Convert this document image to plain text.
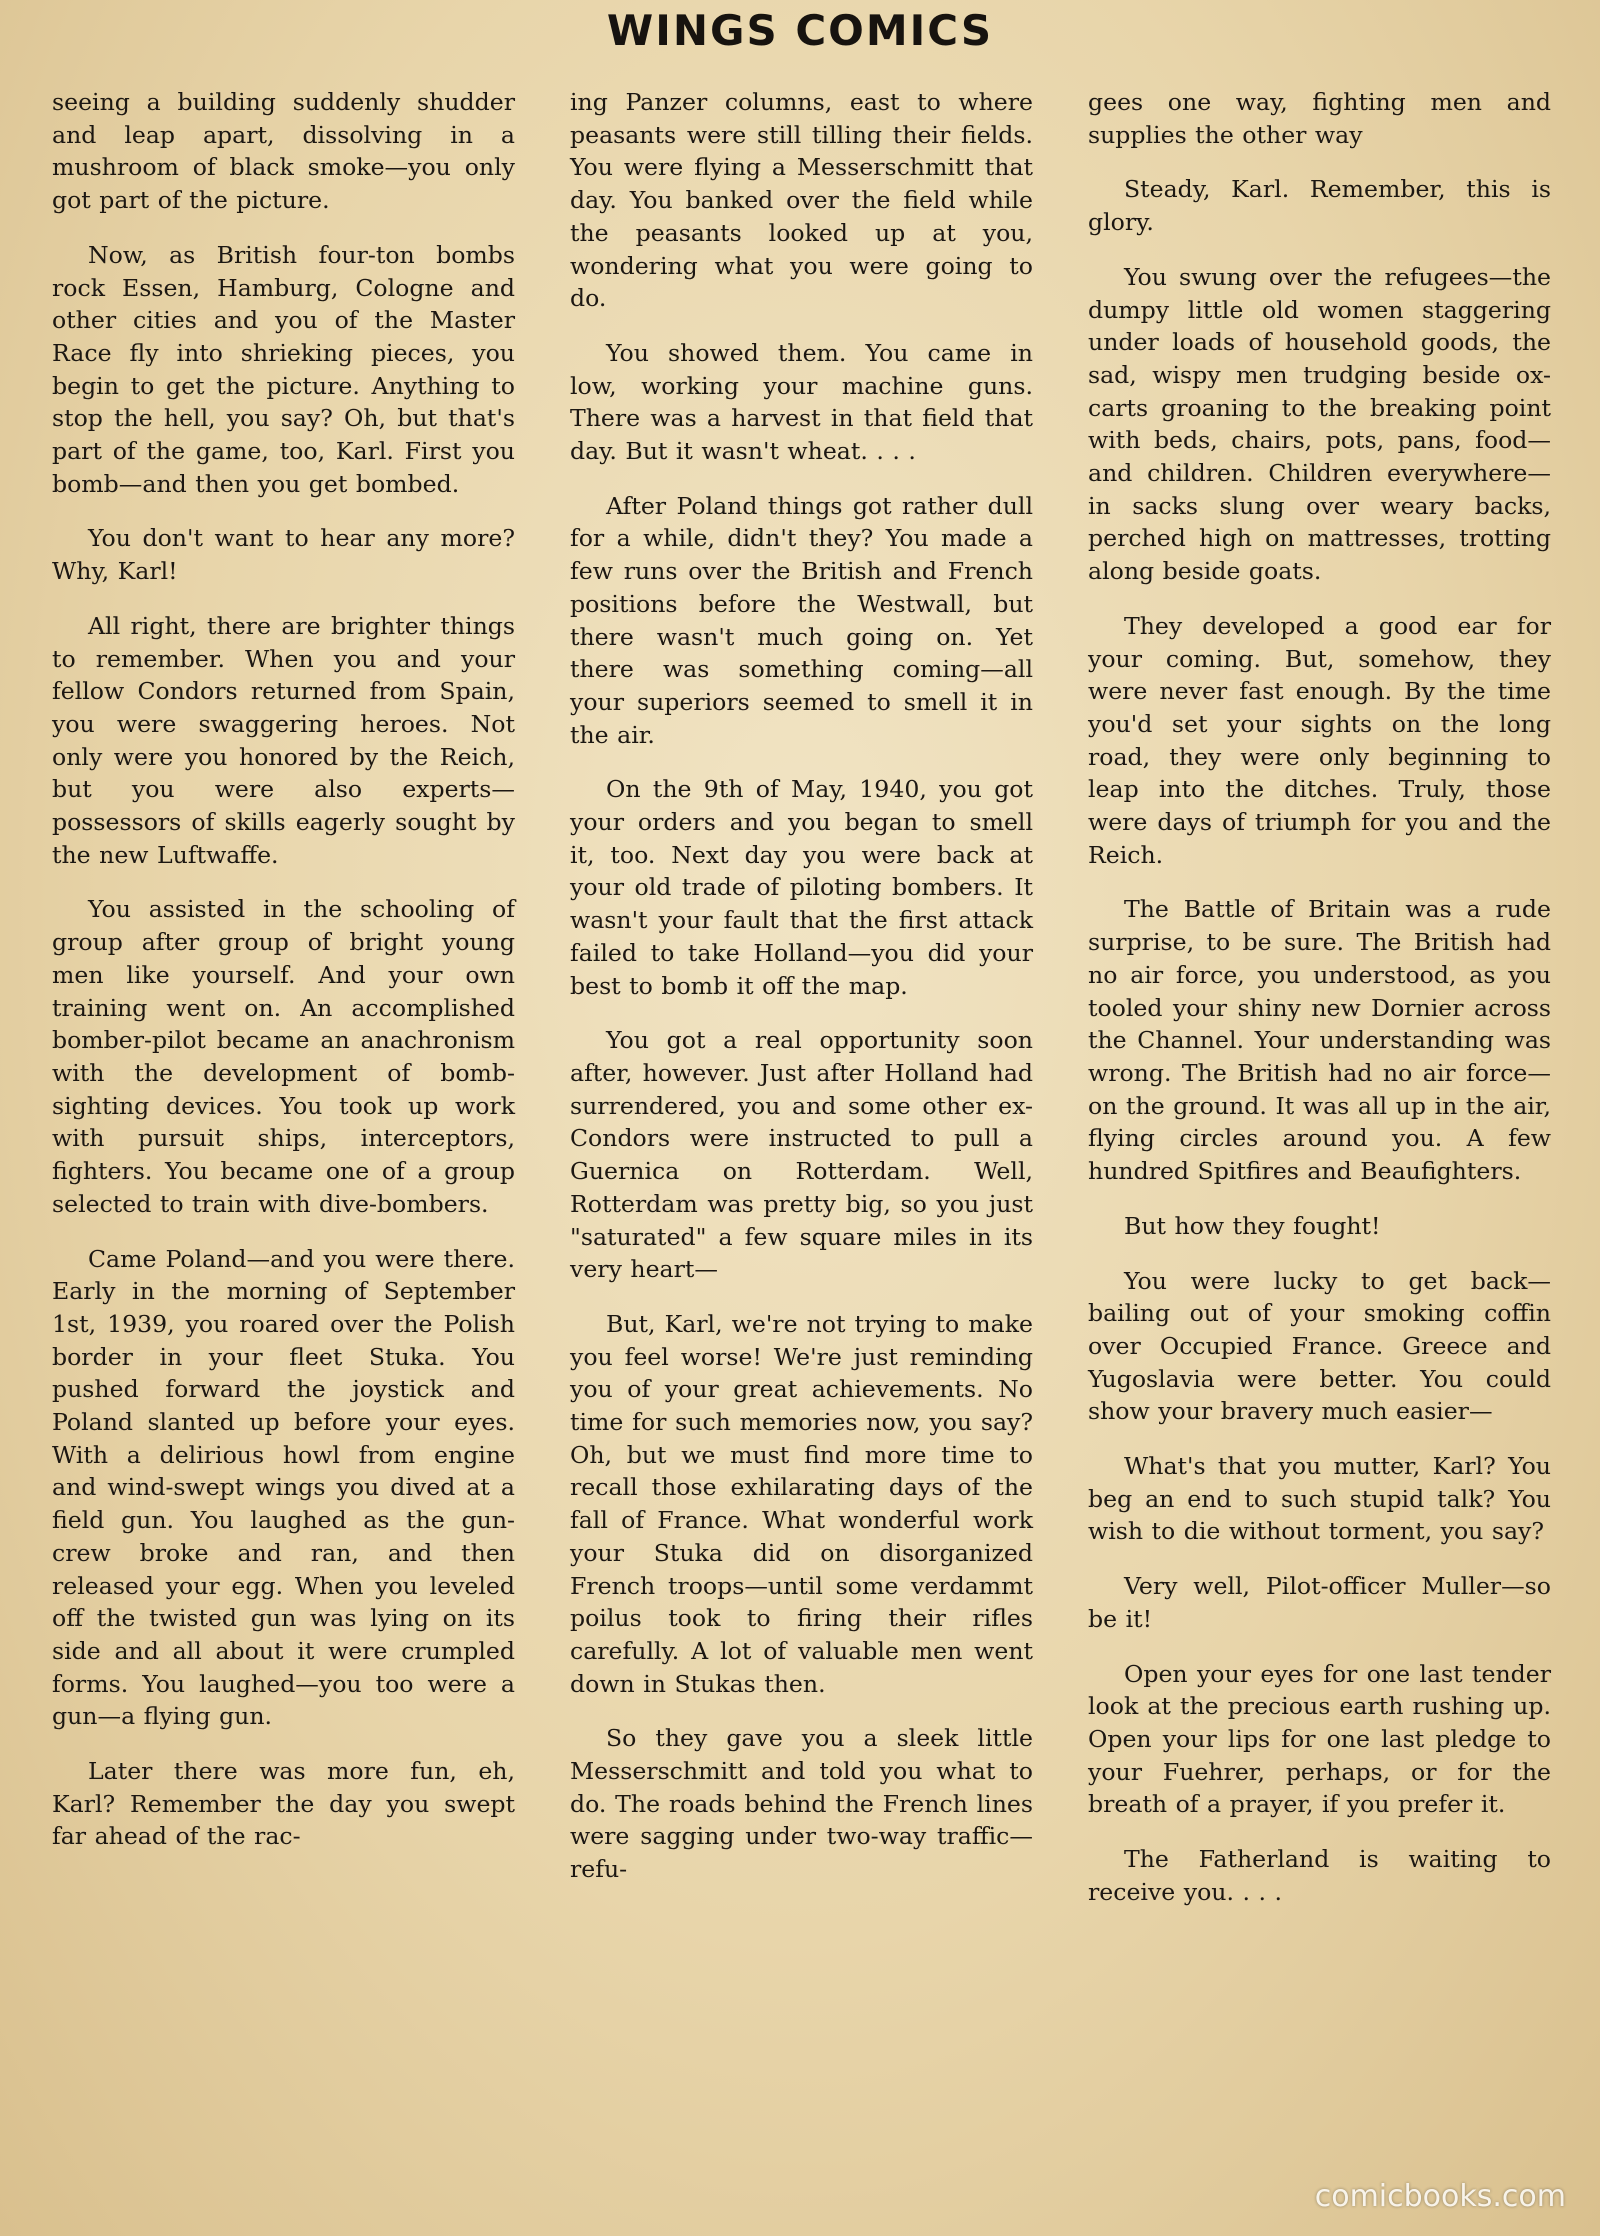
WINGS COMICS

seeing a building suddenly shudder and leap apart, dissolving in a mushroom of black smoke—you only got part of the picture.

Now, as British four-ton bombs rock Essen, Hamburg, Cologne and other cities and you of the Master Race fly into shrieking pieces, you begin to get the picture. Anything to stop the hell, you say? Oh, but that's part of the game, too, Karl. First you bomb—and then you get bombed.

You don't want to hear any more? Why, Karl!

All right, there are brighter things to remember. When you and your fellow Condors returned from Spain, you were swaggering heroes. Not only were you honored by the Reich, but you were also experts—possessors of skills eagerly sought by the new Luftwaffe.

You assisted in the schooling of group after group of bright young men like yourself. And your own training went on. An accomplished bomber-pilot became an anachronism with the development of bomb-sighting devices. You took up work with pursuit ships, interceptors, fighters. You became one of a group selected to train with dive-bombers.

Came Poland—and you were there. Early in the morning of September 1st, 1939, you roared over the Polish border in your fleet Stuka. You pushed forward the joystick and Poland slanted up before your eyes. With a delirious howl from engine and wind-swept wings you dived at a field gun. You laughed as the gun-crew broke and ran, and then released your egg. When you leveled off the twisted gun was lying on its side and all about it were crumpled forms. You laughed—you too were a gun—a flying gun.

Later there was more fun, eh, Karl? Remember the day you swept far ahead of the rac-

ing Panzer columns, east to where peasants were still tilling their fields. You were flying a Messerschmitt that day. You banked over the field while the peasants looked up at you, wondering what you were going to do.

You showed them. You came in low, working your machine guns. There was a harvest in that field that day. But it wasn't wheat. . . .

After Poland things got rather dull for a while, didn't they? You made a few runs over the British and French positions before the Westwall, but there wasn't much going on. Yet there was something coming—all your superiors seemed to smell it in the air.

On the 9th of May, 1940, you got your orders and you began to smell it, too. Next day you were back at your old trade of piloting bombers. It wasn't your fault that the first attack failed to take Holland—you did your best to bomb it off the map.

You got a real opportunity soon after, however. Just after Holland had surrendered, you and some other ex-Condors were instructed to pull a Guernica on Rotterdam. Well, Rotterdam was pretty big, so you just "saturated" a few square miles in its very heart—

But, Karl, we're not trying to make you feel worse! We're just reminding you of your great achievements. No time for such memories now, you say? Oh, but we must find more time to recall those exhilarating days of the fall of France. What wonderful work your Stuka did on disorganized French troops—until some verdammt poilus took to firing their rifles carefully. A lot of valuable men went down in Stukas then.

So they gave you a sleek little Messerschmitt and told you what to do. The roads behind the French lines were sagging under two-way traffic—refu-

gees one way, fighting men and supplies the other way

Steady, Karl. Remember, this is glory.

You swung over the refugees—the dumpy little old women staggering under loads of household goods, the sad, wispy men trudging beside ox-carts groaning to the breaking point with beds, chairs, pots, pans, food—and children. Children everywhere—in sacks slung over weary backs, perched high on mattresses, trotting along beside goats.

They developed a good ear for your coming. But, somehow, they were never fast enough. By the time you'd set your sights on the long road, they were only beginning to leap into the ditches. Truly, those were days of triumph for you and the Reich.

The Battle of Britain was a rude surprise, to be sure. The British had no air force, you understood, as you tooled your shiny new Dornier across the Channel. Your understanding was wrong. The British had no air force—on the ground. It was all up in the air, flying circles around you. A few hundred Spitfires and Beaufighters.

But how they fought!

You were lucky to get back—bailing out of your smoking coffin over Occupied France. Greece and Yugoslavia were better. You could show your bravery much easier—

What's that you mutter, Karl? You beg an end to such stupid talk? You wish to die without torment, you say?

Very well, Pilot-officer Muller—so be it!

Open your eyes for one last tender look at the precious earth rushing up. Open your lips for one last pledge to your Fuehrer, perhaps, or for the breath of a prayer, if you prefer it.

The Fatherland is waiting to receive you. . . .

comicbooks.com
